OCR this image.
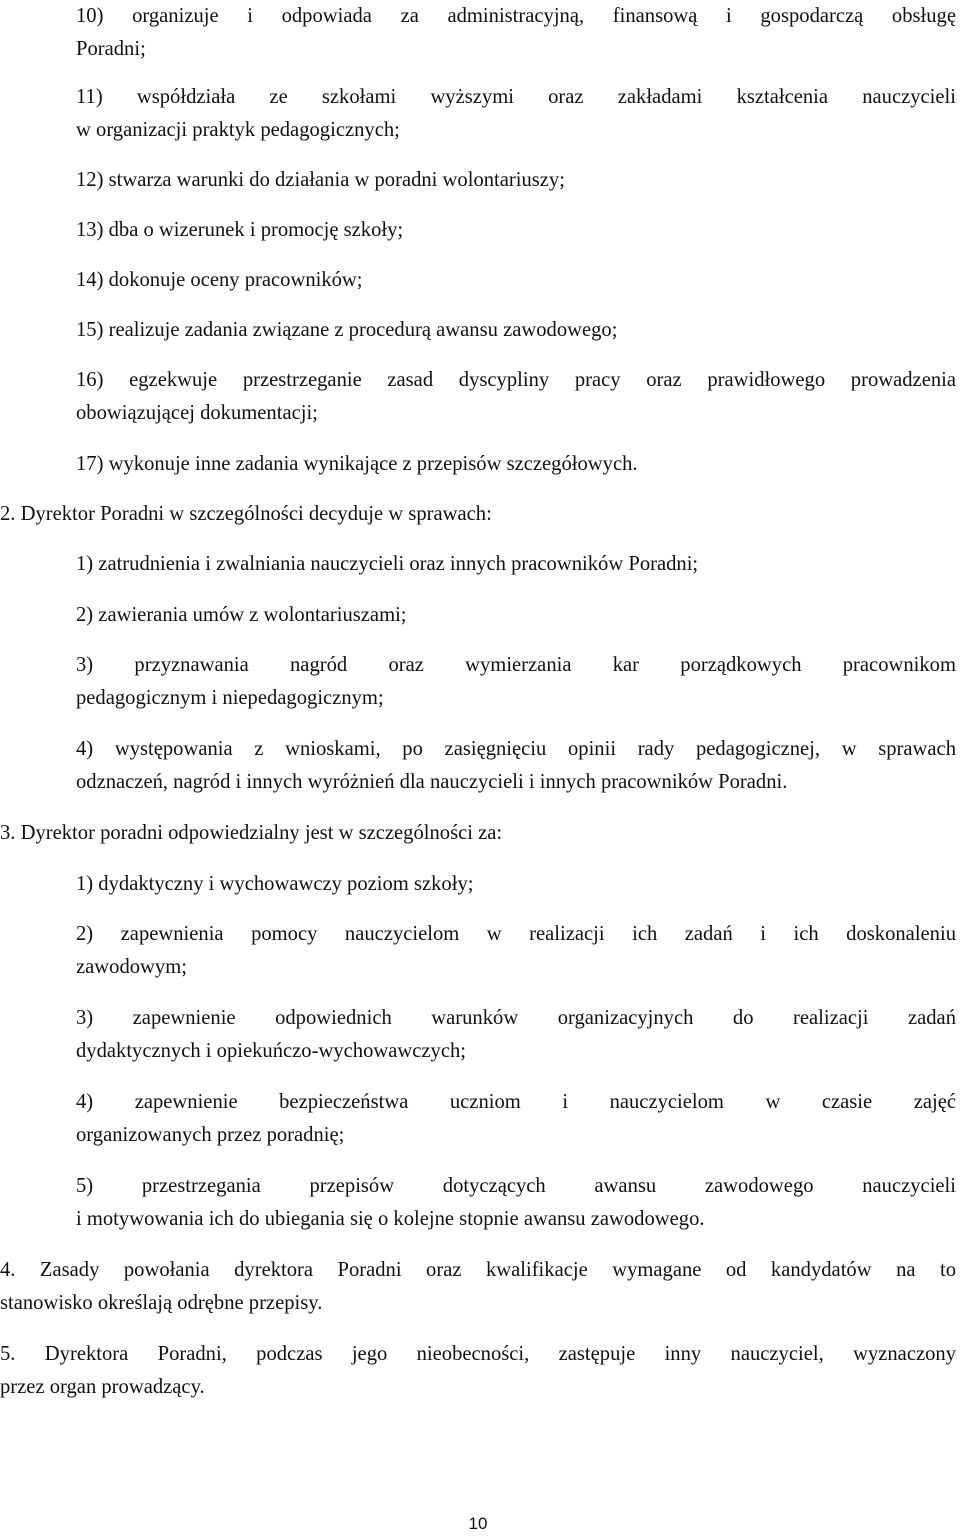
10) organizuje i odpowiada za administracyjną, finansową i gospodarczą obsługę
Poradni;
11) współdziała ze szkołami wyższymi oraz zakładami kształcenia nauczycieli
w organizacji praktyk pedagogicznych;
12) stwarza warunki do działania w poradni wolontariuszy;
13) dba o wizerunek i promocję szkoły;
14) dokonuje oceny pracowników;
15) realizuje zadania związane z procedurą awansu zawodowego;
16) egzekwuje przestrzeganie zasad dyscypliny pracy oraz prawidłowego prowadzenia
obowiązującej dokumentacji;
17) wykonuje inne zadania wynikające z przepisów szczegółowych.
2. Dyrektor Poradni w szczególności decyduje w sprawach:
1) zatrudnienia i zwalniania nauczycieli oraz innych pracowników Poradni;
2) zawierania umów z wolontariuszami;
3) przyznawania nagród oraz wymierzania kar porządkowych pracownikom
pedagogicznym i niepedagogicznym;
4) występowania z wnioskami, po zasięgnięciu opinii rady pedagogicznej, w sprawach
odznaczeń, nagród i innych wyróżnień dla nauczycieli i innych pracowników Poradni.
3. Dyrektor poradni odpowiedzialny jest w szczególności za:
1) dydaktyczny i wychowawczy poziom szkoły;
2) zapewnienia pomocy nauczycielom w realizacji ich zadań i ich doskonaleniu
zawodowym;
3) zapewnienie odpowiednich warunków organizacyjnych do realizacji zadań
dydaktycznych i opiekuńczo-wychowawczych;
4) zapewnienie bezpieczeństwa uczniom i nauczycielom w czasie zajęć
organizowanych przez poradnię;
5) przestrzegania przepisów dotyczących awansu zawodowego nauczycieli
i motywowania ich do ubiegania się o kolejne stopnie awansu zawodowego.
4. Zasady powołania dyrektora Poradni oraz kwalifikacje wymagane od kandydatów na to
stanowisko określają odrębne przepisy.
5. Dyrektora Poradni, podczas jego nieobecności, zastępuje inny nauczyciel, wyznaczony
przez organ prowadzący.
10
